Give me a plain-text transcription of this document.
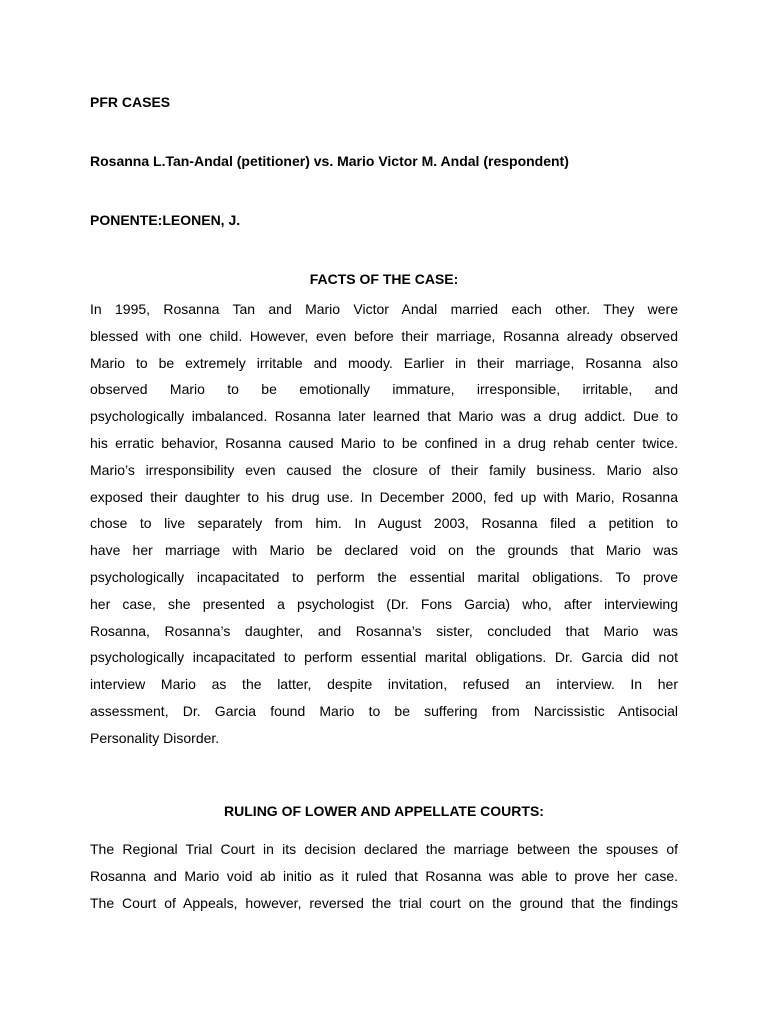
PFR CASES

Rosanna L.Tan-Andal (petitioner) vs. Mario Victor M. Andal (respondent)

PONENTE:LEONEN, J.

FACTS OF THE CASE:

In 1995, Rosanna Tan and Mario Victor Andal married each other. They were
blessed with one child. However, even before their marriage, Rosanna already observed
Mario to be extremely irritable and moody. Earlier in their marriage, Rosanna also
observed Mario to be emotionally immature, irresponsible, irritable, and
psychologically imbalanced. Rosanna later learned that Mario was a drug addict. Due to
his erratic behavior, Rosanna caused Mario to be confined in a drug rehab center twice.
Mario’s irresponsibility even caused the closure of their family business. Mario also
exposed their daughter to his drug use. In December 2000, fed up with Mario, Rosanna
chose to live separately from him. In August 2003, Rosanna filed a petition to
have her marriage with Mario be declared void on the grounds that Mario was
psychologically incapacitated to perform the essential marital obligations. To prove
her case, she presented a psychologist (Dr. Fons Garcia) who, after interviewing
Rosanna, Rosanna’s daughter, and Rosanna’s sister, concluded that Mario was
psychologically incapacitated to perform essential marital obligations. Dr. Garcia did not
interview Mario as the latter, despite invitation, refused an interview. In her
assessment, Dr. Garcia found Mario to be suffering from Narcissistic Antisocial
Personality Disorder.

RULING OF LOWER AND APPELLATE COURTS:

The Regional Trial Court in its decision declared the marriage between the spouses of
Rosanna and Mario void ab initio as it ruled that Rosanna was able to prove her case.
The Court of Appeals, however, reversed the trial court on the ground that the findings
